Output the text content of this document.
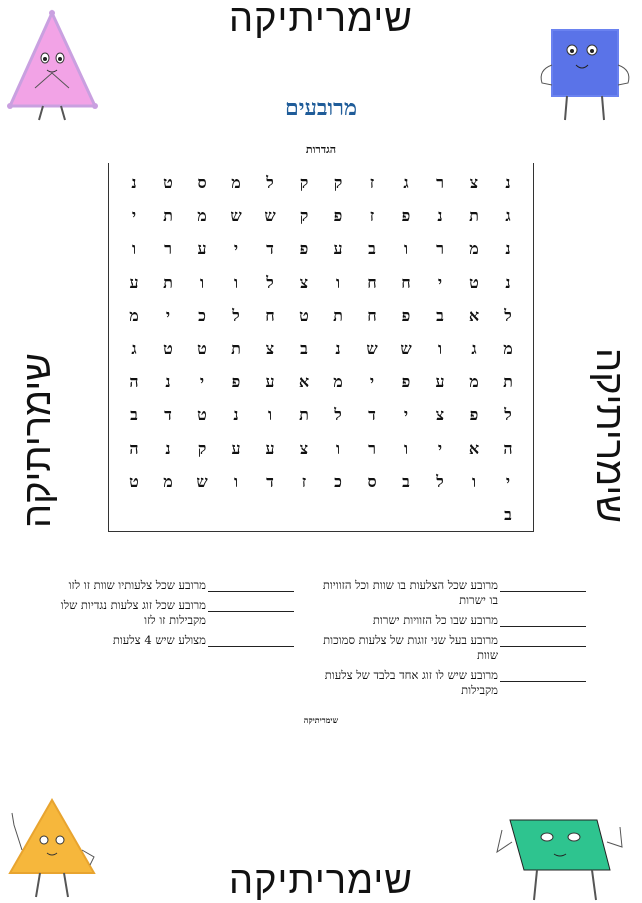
שימריתיקה
שימריתיקה
שימריתיקה	שימריתיקה
מרובעים
הגדרות
נ
צ
ר
ג
ז
ק
ק
ל
מ
ס
ט
נ
ג
ת
נ
פ
ז
פ
ק
ש
ש
מ
ת
י
נ
מ
ר
ו
ב
ע
פ
ד
י
ע
ר
ו
נ
ט
י
ח
ח
ו
צ
ל
ו
ו
ת
ע
ל
א
ב
פ
ח
ת
ט
ח
ל
כ
י
מ
מ
ג
ו
ש
ש
נ
ב
צ
ת
ט
ט
ג
ת
מ
ע
פ
י
מ
א
ע
פ
י
נ
ה
ל
פ
צ
י
ד
ל
ת
ו
נ
ט
ד
ב
ה
א
י
ו
ר
ו
צ
ע
ע
ק
נ
ה
י
ו
ל
ב
ס
כ
ז
ד
ו
ש
מ
ט
ב
מרובע שכל הצלעות בו שוות וכל הזוויות בו ישרות
מרובע שבו כל הזוויות ישרות
מרובע בעל שני זוגות של צלעות סמוכות שוות
מרובע שיש לו זוג אחד בלבד של צלעות מקבילות
מרובע שכל צלעותיו שוות זו לזו
מרובע שכל זוג צלעות נגדיות שלו מקבילות זו לזו
מצולע שיש 4 צלעות
שימריתיקה
